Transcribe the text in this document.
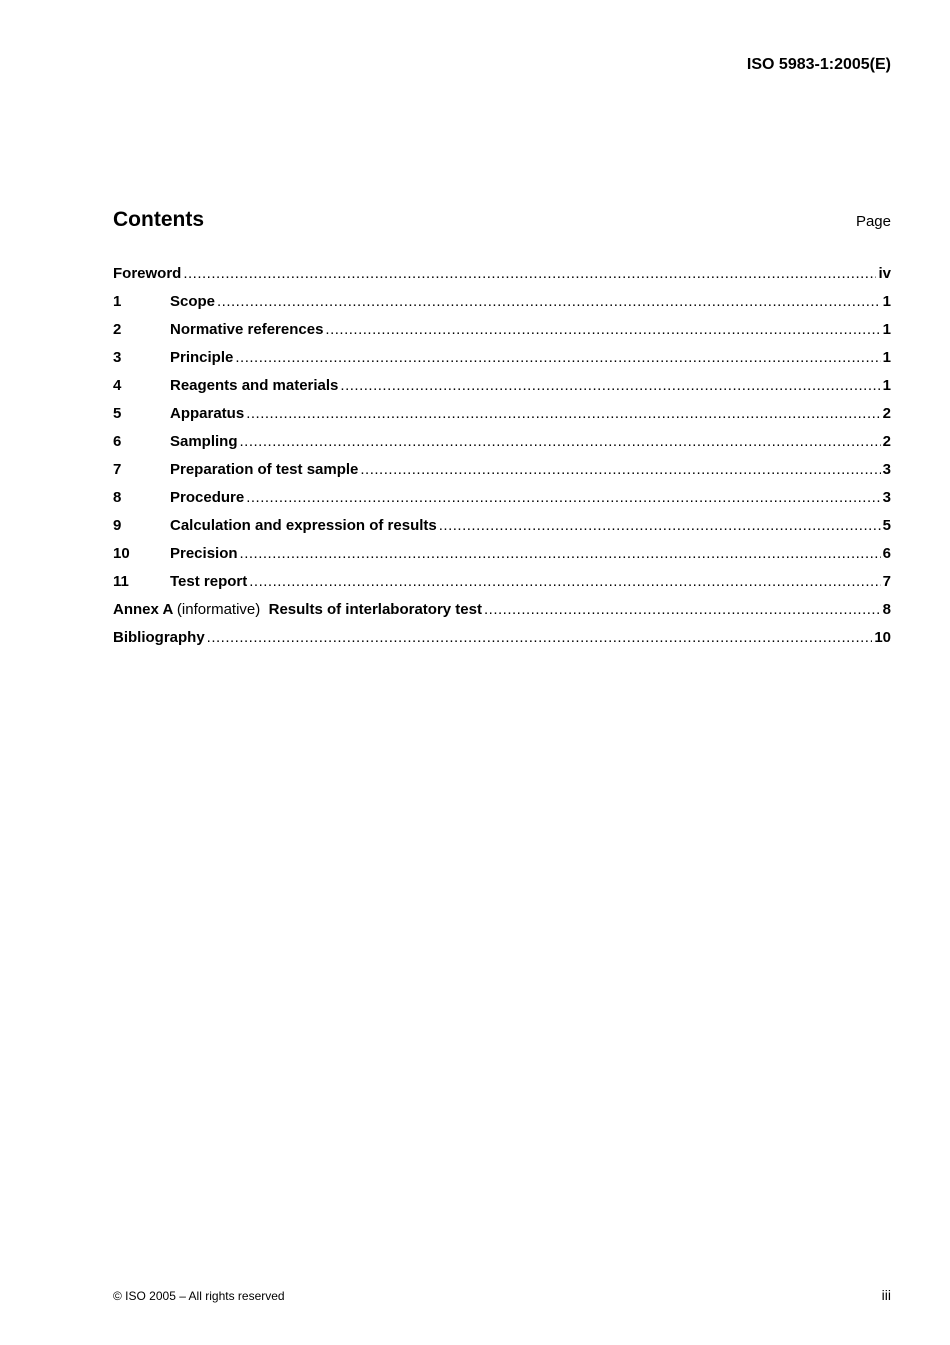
ISO 5983-1:2005(E)
Contents	Page
Foreword .....	iv
1	Scope .....	1
2	Normative references .....	1
3	Principle .....	1
4	Reagents and materials .....	1
5	Apparatus .....	2
6	Sampling .....	2
7	Preparation of test sample .....	3
8	Procedure .....	3
9	Calculation and expression of results .....	5
10	Precision .....	6
11	Test report .....	7
Annex A (informative) Results of interlaboratory test .....	8
Bibliography .....	10
© ISO 2005 – All rights reserved	iii
